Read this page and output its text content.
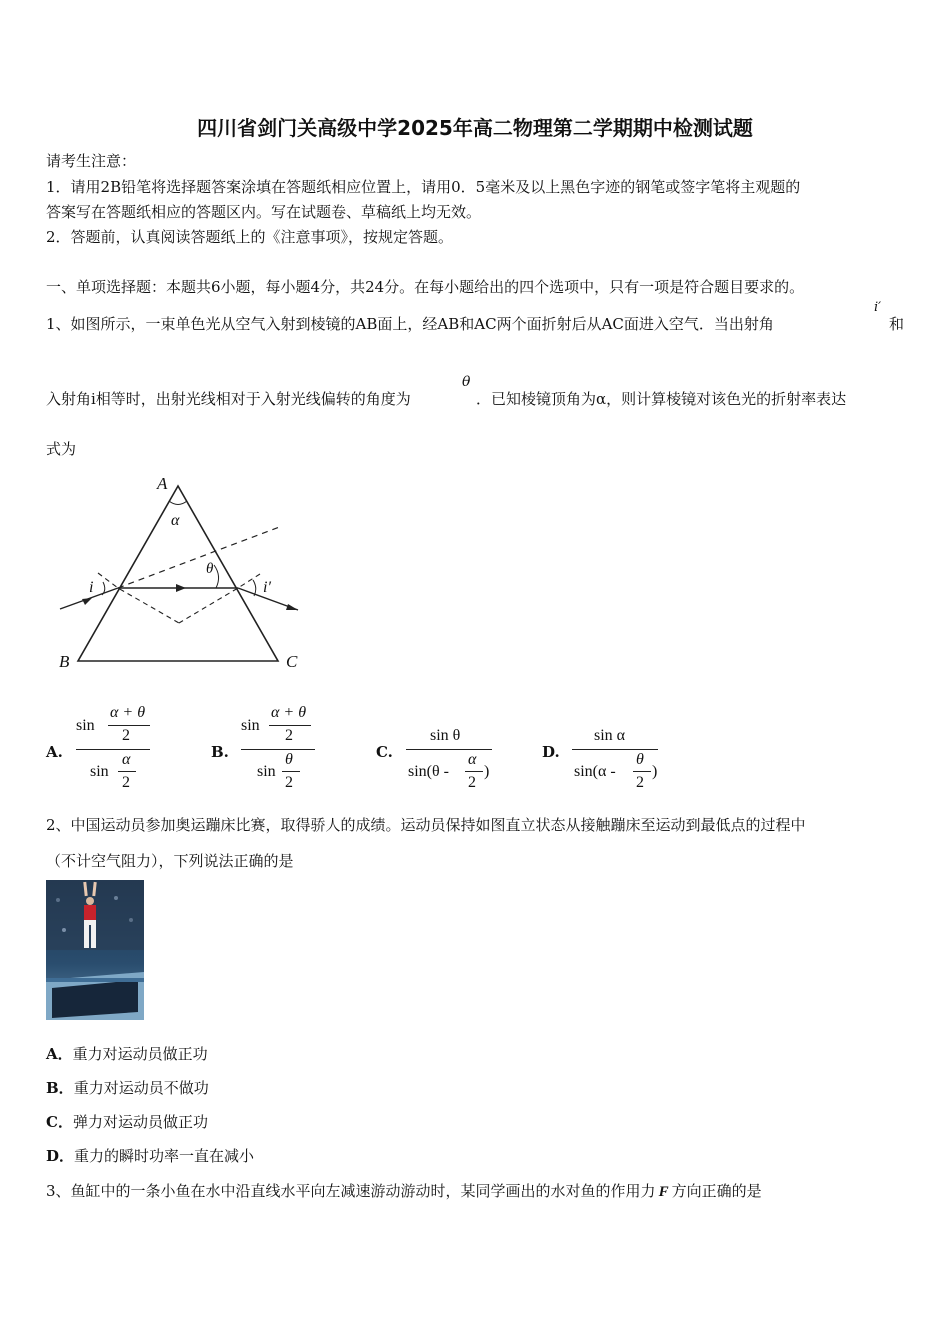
四川省剑门关高级中学2025年高二物理第二学期期中检测试题
请考生注意：
1．请用2B铅笔将选择题答案涂填在答题纸相应位置上，请用0．5毫米及以上黑色字迹的钢笔或签字笔将主观题的
答案写在答题纸相应的答题区内。写在试题卷、草稿纸上均无效。
2．答题前，认真阅读答题纸上的《注意事项》，按规定答题。
一、单项选择题：本题共6小题，每小题4分，共24分。在每小题给出的四个选项中，只有一项是符合题目要求的。
1、如图所示，一束单色光从空气入射到棱镜的AB面上，经AB和AC两个面折射后从AC面进入空气．当出射角
i′
和
入射角i相等时，出射光线相对于入射光线偏转的角度为
θ
．已知棱镜顶角为α，则计算棱镜对该色光的折射率表达
式为
A
B	C
α
θ
i	i′
A.
sin
α + θ
2
sin
α
2
B.
sin
α + θ
2
sin
θ
2
C.
sin θ
sin(θ -
α
2
)
D.
sin α
sin(α -
θ
2
)
2、中国运动员参加奥运蹦床比赛，取得骄人的成绩。运动员保持如图直立状态从接触蹦床至运动到最低点的过程中
（不计空气阻力），下列说法正确的是
A．重力对运动员做正功
B．重力对运动员不做功
C．弹力对运动员做正功
D．重力的瞬时功率一直在减小
3、鱼缸中的一条小鱼在水中沿直线水平向左减速游动游动时，某同学画出的水对鱼的作用力 F 方向正确的是
